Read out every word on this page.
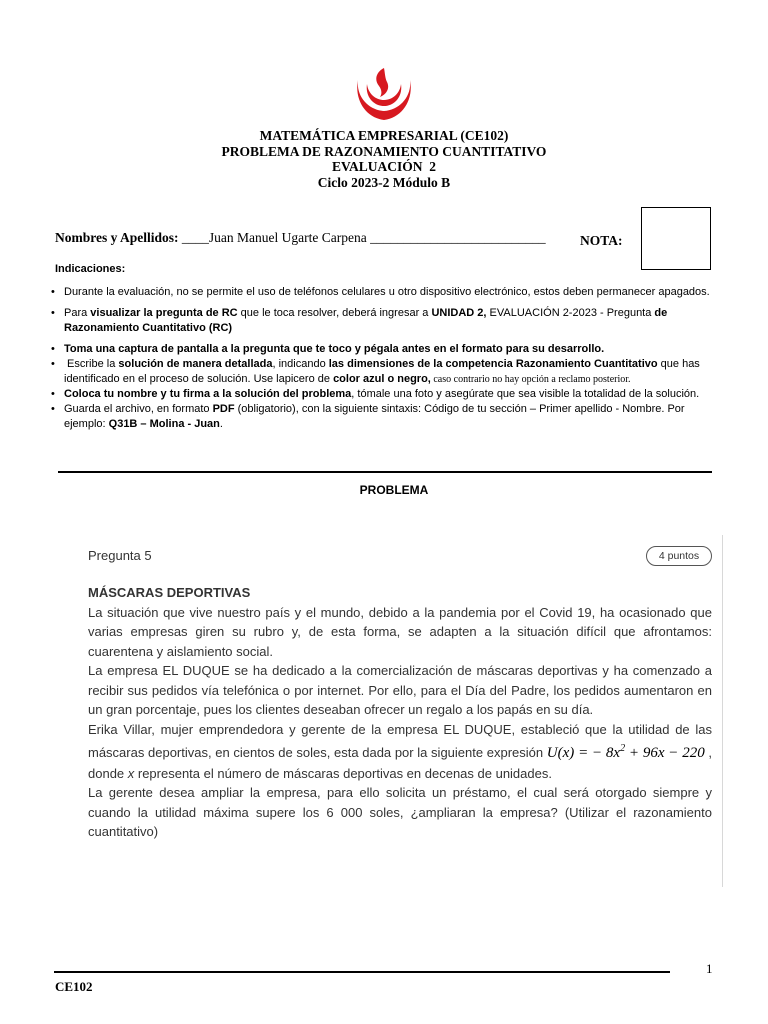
MATEMÁTICA EMPRESARIAL (CE102)
PROBLEMA DE RAZONAMIENTO CUANTITATIVO
EVALUACIÓN  2
Ciclo 2023-2 Módulo B
Nombres y Apellidos: ____Juan Manuel Ugarte Carpena __________________________	NOTA:
Indicaciones:
• Durante la evaluación, no se permite el uso de teléfonos celulares u otro dispositivo electrónico, estos deben permanecer apagados.
• Para visualizar la pregunta de RC que le toca resolver, deberá ingresar a UNIDAD 2, EVALUACIÓN 2-2023 - Pregunta de Razonamiento Cuantitativo (RC)
• Toma una captura de pantalla a la pregunta que te toco y pégala antes en el formato para su desarrollo.
•  Escribe la solución de manera detallada, indicando las dimensiones de la competencia Razonamiento Cuantitativo que has identificado en el proceso de solución. Use lapicero de color azul o negro, caso contrario no hay opción a reclamo posterior.
• Coloca tu nombre y tu firma a la solución del problema, tómale una foto y asegúrate que sea visible la totalidad de la solución.
• Guarda el archivo, en formato PDF (obligatorio), con la siguiente sintaxis: Código de tu sección – Primer apellido - Nombre. Por ejemplo: Q31B – Molina - Juan.
PROBLEMA
Pregunta 5	4 puntos
MÁSCARAS DEPORTIVAS
La situación que vive nuestro país y el mundo, debido a la pandemia por el Covid 19, ha ocasionado que varias empresas giren su rubro y, de esta forma, se adapten a la situación difícil que afrontamos: cuarentena y aislamiento social.
La empresa EL DUQUE se ha dedicado a la comercialización de máscaras deportivas y ha comenzado a recibir sus pedidos vía telefónica o por internet. Por ello, para el Día del Padre, los pedidos aumentaron en un gran porcentaje, pues los clientes deseaban ofrecer un regalo a los papás en su día.
Erika Villar, mujer emprendedora y gerente de la empresa EL DUQUE, estableció que la utilidad de las máscaras deportivas, en cientos de soles, esta dada por la siguiente expresión U(x) = − $8x^2 + 96x - 220$ , donde x representa el número de máscaras deportivas en decenas de unidades.
La gerente desea ampliar la empresa, para ello solicita un préstamo, el cual será otorgado siempre y cuando la utilidad máxima supere los 6 000 soles, ¿ampliaran la empresa? (Utilizar el razonamiento cuantitativo)
1
CE102
